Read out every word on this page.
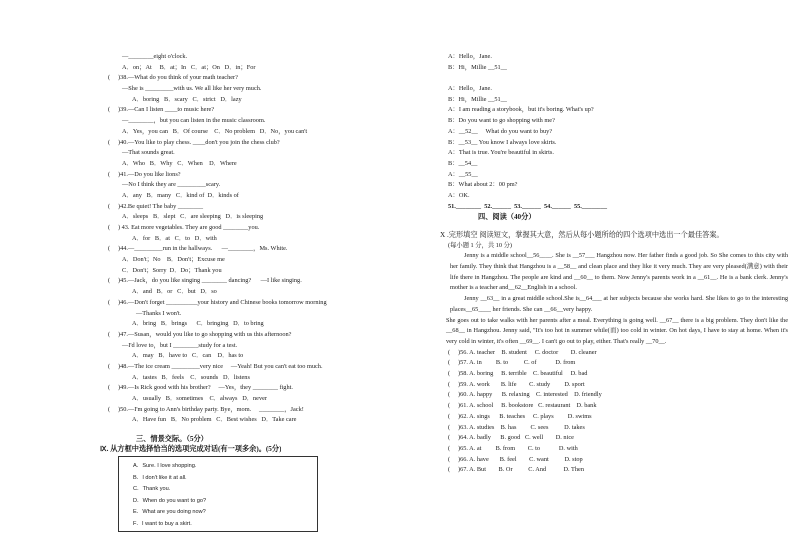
—________eight o'clock.
A．on；At     B．at；In   C．at；On   D．in；For
(     )38.—What do you think of your math teacher?
—She is _________with us. We all like her very much.
A．boring   B．scary   C．strict   D．lazy
(     )39.—Can I listen ____to music here?
—________，but you can listen in the music classroom.
A．Yes，you can   B．Of course    C．No problem   D．No，you can't
(     )40.—You like to play chess. ____don't you join the chess club?
—That sounds great.
A．Who   B．Why   C．When    D．Where
(     )41.—Do you like lions?
—No I think they are _________scary.
A．any   B．many   C．kind of  D．kinds of
(     )42.Be quiet! The baby ________
A．sleeps   B．slept   C．are sleeping   D．is sleeping
(     ) 43. Eat more vegetables. They are good ________you.
A．for   B．at   C．to   D．with
(     )44.—_________run in the hallways.      —________，Ms. White.
A．Don't；No    B．Don't；Excuse me
C．Don't；Sorry  D．Do；Thank you
(     )45.—Jack，do you like singing ________ dancing?      —I like singing.
A．and   B．or   C．but   D．so
(     )46.—Don't forget __________your history and Chinese books tomorrow morning
—Thanks I won't.
A．bring   B．brings      C．bringing   D．to bring
(     )47.—Susan，would you like to go shopping with us this afternoon?
—I'd love to，but I ________study for a test.
A．may   B．have to   C．can    D．has to
(     )48.—The ice cream _________very nice     —Yeah! But you can't eat too much.
A．tastes   B．feels    C．sounds   D．listens
(     )49.—Is Rick good with his brother?     —Yes，they ________ fight.
A．usually   B．sometimes    C．always   D．never
(     )50.—I'm going to Ann's birthday party. Bye，mom.     ________，Jack!
A．Have fun   B．No problem   C．Best wishes   D．Take care
三、情景交际。（5分）
Ⅸ. 从方框中选择恰当的选项完成对话(有一项多余)。(5分)
A．Sure. I love shopping.
B．I don't like it at all.
C．Thank you.
D．When do you want to go?
E．What are you doing now?
F．I want to buy a skirt.
A：Hello，Jane.
B：Hi，Millie __51__

A：Hello，Jane.
B：Hi，Millie __51__
A：I am reading a storybook，but it's boring. What's up?
B：Do you want to go shopping with me?
A：__52__     What do you want to buy?
B：__53__ You know I always love skirts.
A：That is true. You're beautiful in skirts.
B：__54__
A：__55__
B：What about 2：00 pm?
A：OK.
51.________  52.______  53.______  54.______  55.________
四、阅读（40分）
X .完形填空 阅读短文，掌握其大意，然后从每小题所给的四个选项中选出一个最佳答案。
(每小题 1 分，共 10 分)
Jenny is a middle school__56____. She is __57___ Hangzhou now. Her father finds a good job. So She comes to this city with her family. They think that Hangzhou is a __58__ and clean place and they like it very much. They are very pleased(满意) with their life there in Hangzhou. The people are kind and __60__ to them. Now Jenny's parents work in a __61__. He is a bank clerk. Jenny's mother is a teacher and__62__English in a school.
Jenny __63__ in a great middle school.She is__64___ at her subjects because she works hard. She likes to go to the interesting places__65____ her friends. She can __66__very happy.
She goes out to take walks with her parents after a meal. Everything is going well. __67__ there is a big problem. They don't like the __68__ in Hangzhou. Jenny said, "It's too hot in summer while(而) too cold in winter. On hot days, I have to stay at home. When it's very cold in winter, it's often __69__. I can't go out to play, either. That's really __70__.
(     )56. A. teacher    B. student     C. doctor        D. cleaner
(     )57. A. in         B. to          C. of            D. from
(     )58. A. boring     B. terrible    C. beautiful     D. bad
(     )59. A. work       B. life        C. study         D. sport
(     )60. A. happy      B. relaxing    C. interested    D. friendly
(     )61. A. school     B. bookstore   C. restaurant    D. bank
(     )62. A. sings      B. teaches     C. plays         D. swims
(     )63. A. studies    B. has         C. sees          D. takes
(     )64. A. badly      B. good   C. well        D. nice
(     )65. A. at         B. from        C. to            D. with
(     )66. A. have       B. feel        C. want          D. stop
(     )67. A. But        B. Or          C. And           D. Then
